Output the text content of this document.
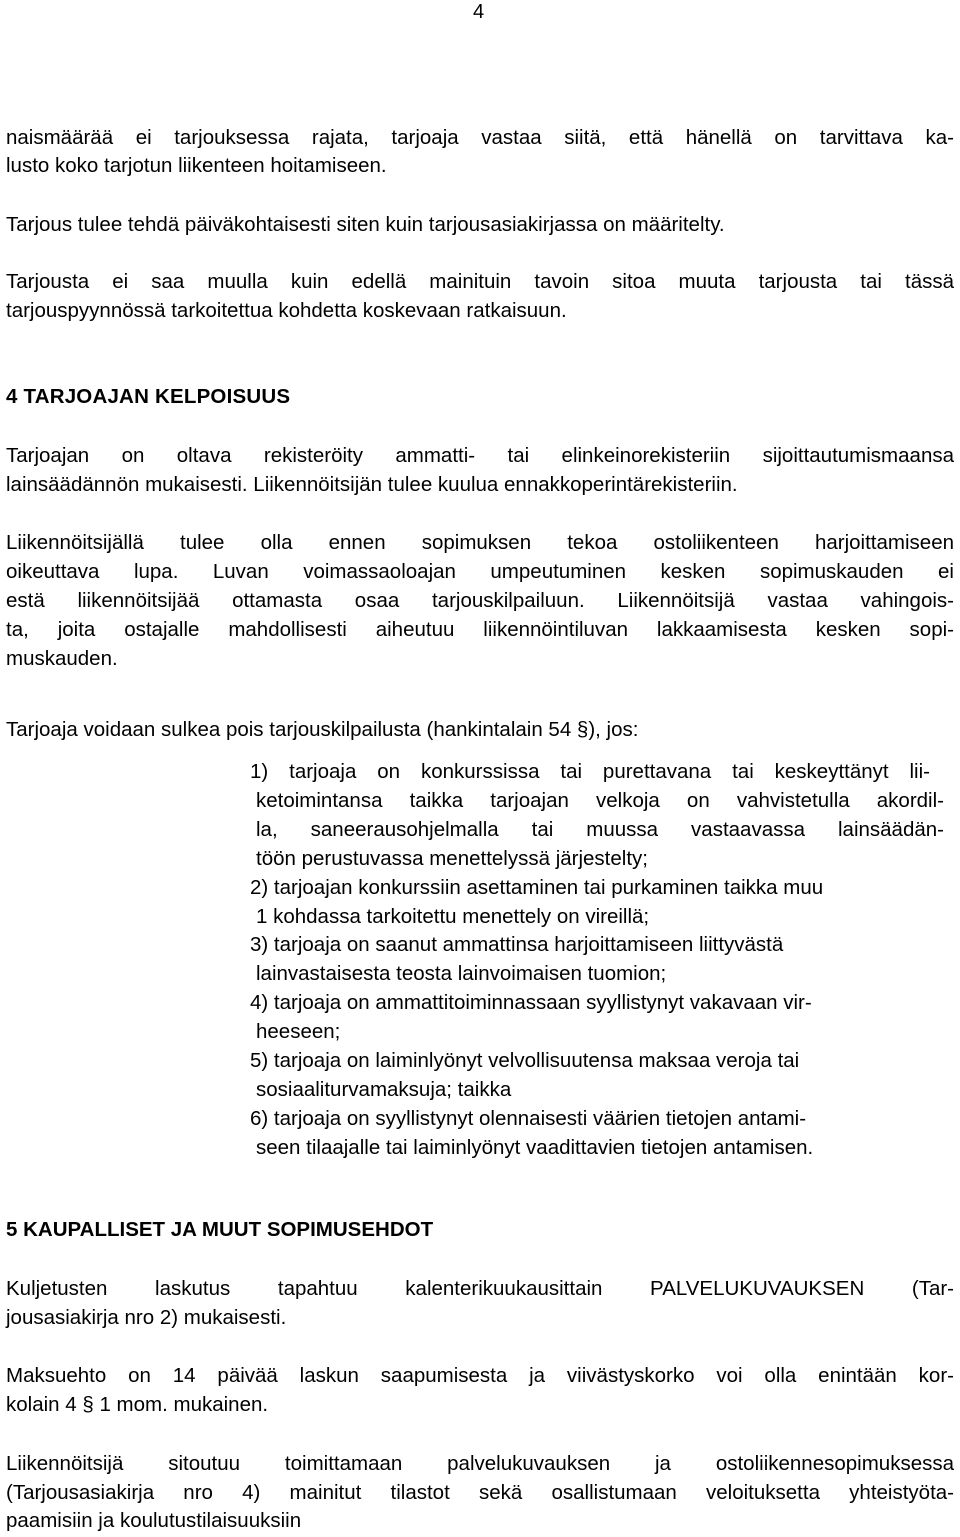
4
naismäärää ei tarjouksessa rajata, tarjoaja vastaa siitä, että hänellä on tarvittava ka-
lusto koko tarjotun liikenteen hoitamiseen.
Tarjous tulee tehdä päiväkohtaisesti siten kuin tarjousasiakirjassa on määritelty.
Tarjousta ei saa muulla kuin edellä mainituin tavoin sitoa muuta tarjousta tai tässä
tarjouspyynnössä tarkoitettua kohdetta koskevaan ratkaisuun.
4 TARJOAJAN KELPOISUUS
Tarjoajan on oltava rekisteröity ammatti- tai elinkeinorekisteriin sijoittautumismaansa
lainsäädännön mukaisesti. Liikennöitsijän tulee kuulua ennakkoperintärekisteriin.
Liikennöitsijällä tulee olla ennen sopimuksen tekoa ostoliikenteen harjoittamiseen
oikeuttava lupa. Luvan voimassaoloajan umpeutuminen kesken sopimuskauden ei
estä liikennöitsijää ottamasta osaa tarjouskilpailuun. Liikennöitsijä vastaa vahingois-
ta, joita ostajalle mahdollisesti aiheutuu liikennöintiluvan lakkaamisesta kesken sopi-
muskauden.
Tarjoaja voidaan sulkea pois tarjouskilpailusta (hankintalain 54 §), jos:
1) tarjoaja on konkurssissa tai purettavana tai keskeyttänyt lii-
ketoimintansa taikka tarjoajan velkoja on vahvistetulla akordil-
la, saneerausohjelmalla tai muussa vastaavassa lainsäädän-
töön perustuvassa menettelyssä järjestelty;
2) tarjoajan konkurssiin asettaminen tai purkaminen taikka muu
1 kohdassa tarkoitettu menettely on vireillä;
3) tarjoaja on saanut ammattinsa harjoittamiseen liittyvästä
lainvastaisesta teosta lainvoimaisen tuomion;
4) tarjoaja on ammattitoiminnassaan syyllistynyt vakavaan vir-
heeseen;
5) tarjoaja on laiminlyönyt velvollisuutensa maksaa veroja tai
sosiaaliturvamaksuja; taikka
6) tarjoaja on syyllistynyt olennaisesti väärien tietojen antami-
seen tilaajalle tai laiminlyönyt vaadittavien tietojen antamisen.
5 KAUPALLISET JA MUUT SOPIMUSEHDOT
Kuljetusten laskutus tapahtuu kalenterikuukausittain PALVELUKUVAUKSEN (Tar-
jousasiakirja nro 2) mukaisesti.
Maksuehto on 14 päivää laskun saapumisesta ja viivästyskorko voi olla enintään kor-
kolain 4 § 1 mom. mukainen.
Liikennöitsijä sitoutuu toimittamaan palvelukuvauksen ja ostoliikennesopimuksessa
(Tarjousasiakirja nro 4) mainitut tilastot sekä osallistumaan veloituksetta yhteistyöta-
paamisiin ja koulutustilaisuuksiin
